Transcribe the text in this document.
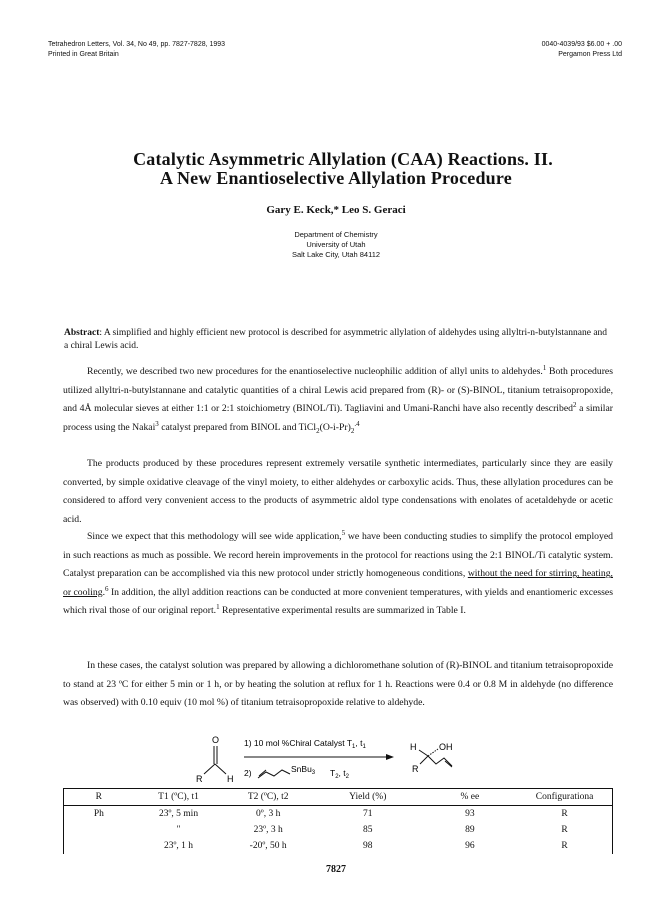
Tetrahedron Letters, Vol. 34, No 49, pp. 7827-7828, 1993
Printed in Great Britain
0040-4039/93 $6.00 + .00
Pergamon Press Ltd
Catalytic Asymmetric Allylation (CAA) Reactions. II.
A New Enantioselective Allylation Procedure
Gary E. Keck,* Leo S. Geraci
Department of Chemistry
University of Utah
Salt Lake City, Utah 84112
Abstract: A simplified and highly efficient new protocol is described for asymmetric allylation of aldehydes using allyltri-n-butylstannane and a chiral Lewis acid.

Recently, we described two new procedures for the enantioselective nucleophilic addition of allyl units to aldehydes.$^1$ Both procedures utilized allyltri-n-butylstannane and catalytic quantities of a chiral Lewis acid prepared from (R)- or (S)-BINOL, titanium tetraisopropoxide, and 4Å molecular sieves at either 1:1 or 2:1 stoichiometry (BINOL/Ti). Tagliavini and Umani-Ranchi have also recently described$^2$ a similar process using the Nakai$^3$ catalyst prepared from BINOL and $TiCl_2(O-i-Pr)_2^{.4}$

The products produced by these procedures represent extremely versatile synthetic intermediates, particularly since they are easily converted, by simple oxidative cleavage of the vinyl moiety, to either aldehydes or carboxylic acids. Thus, these allylation procedures can be considered to afford very convenient access to the products of asymmetric aldol type condensations with enolates of acetaldehyde or acetic acid.

Since we expect that this methodology will see wide application,$^5$ we have been conducting studies to simplify the protocol employed in such reactions as much as possible. We record herein improvements in the protocol for reactions using the 2:1 BINOL/Ti catalytic system. Catalyst preparation can be accomplished via this new protocol under strictly homogeneous conditions, without the need for stirring, heating, or cooling.$^6$ In addition, the allyl addition reactions can be conducted at more convenient temperatures, with yields and enantiomeric excesses which rival those of our original report.$^1$ Representative experimental results are summarized in Table I.

In these cases, the catalyst solution was prepared by allowing a dichloromethane solution of (R)-BINOL and titanium tetraisopropoxide to stand at 23 ºC for either 5 min or 1 h, or by heating the solution at reflux for 1 h. Reactions were 0.4 or 0.8 M in aldehyde (no difference was observed) with 0.10 equiv (10 mol %) of titanium tetraisopropoxide relative to aldehyde.

O
R	H
1) 10 mol %Chiral Catalyst $T_1$, $t_1$
2)	SnBu$_3$ $T_2$, $t_2$
H	OH
R
R	T1 (ºC), t1	T2 (ºC), t2	Yield (%)	% ee	Configurationa
Ph	23º, 5 min	0º, 3 h	71	93	R
	"	23º, 3 h	85	89	R
	23º, 1 h	-20º, 50 h	98	96	R
7827
